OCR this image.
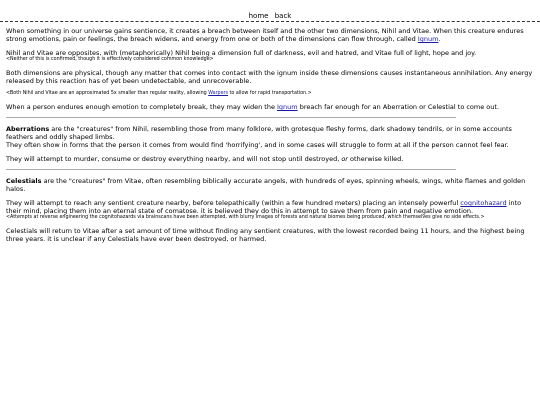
home back

When something in our universe gains sentience, it creates a breach between itself and the other two dimensions, Nihil and Vitae. When this creature endures strong emotions, pain or feelings, the breach widens, and energy from one or both of the dimensions can flow through, called Ignum.

Nihil and Vitae are opposites, with (metaphorically) Nihil being a dimension full of darkness, evil and hatred, and Vitae full of light, hope and joy.

<Neither of this is confirmed, though it is effectively considered common knowledge>

Both dimensions are physical, though any matter that comes into contact with the ignum inside these dimensions causes instantaneous annihilation. Any energy released by this reaction has of yet been undetectable, and unrecoverable.

<Both Nihil and Vitae are an approximated 5x smaller than regular reality, allowing Warpers to allow for rapid transportation.>

When a person endures enough emotion to completely break, they may widen the Ignum breach far enough for an Aberration or Celestial to come out.

Aberrations are the "creatures" from Nihil, resembling those from many folklore, with grotesque fleshy forms, dark shadowy tendrils, or in some accounts feathers and oddly shaped limbs.

They often show in forms that the person it comes from would find 'horrifying', and in some cases will struggle to form at all if the person cannot feel fear.

They will attempt to murder, consume or destroy everything nearby, and will not stop until destroyed, or otherwise killed.

Celestials are the "creatures" from Vitae, often resembling biblically accurate angels, with hundreds of eyes, spinning wheels, wings, white flames and golden halos.

They will attempt to reach any sentient creature nearby, before telepathically (within a few hundred meters) placing an intensely powerful cognitohazard into their mind, placing them into an eternal state of comatose. it is believed they do this in attempt to save them from pain and negative emotion.

<Attempts at reverse engineering the cognitohazards via brainscans have been attempted, with blurry images of forests and natural biomes being produced, which themselves give no side effects.>

Celestials will return to Vitae after a set amount of time without finding any sentient creatures, with the lowest recorded being 11 hours, and the highest being three years. it is unclear if any Celestials have ever been destroyed, or harmed.
